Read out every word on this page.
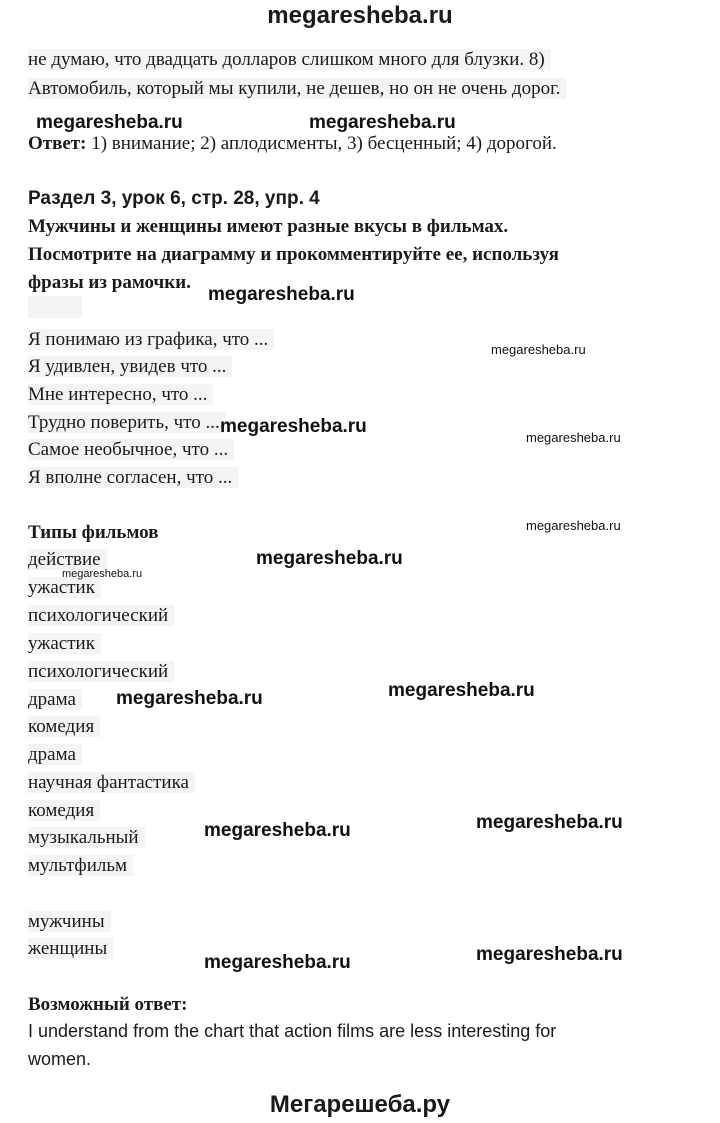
megaresheba.ru
не думаю, что двадцать долларов слишком много для блузки. 8)
Автомобиль, который мы купили, не дешев, но он не очень дорог.
Ответ: 1) внимание; 2) аплодисменты, 3) бесценный; 4) дорогой.
Раздел 3, урок 6, стр. 28, упр. 4
Мужчины и женщины имеют разные вкусы в фильмах.
Посмотрите на диаграмму и прокомментируйте ее, используя
фразы из рамочки.
Я понимаю из графика, что ...
Я удивлен, увидев что ...
Мне интересно, что ...
Трудно поверить, что ...
Самое необычное, что ...
Я вполне согласен, что ...
Типы фильмов
действие
ужастик
психологический
ужастик
психологический
драма
комедия
драма
научная фантастика
комедия
музыкальный
мультфильм
мужчины
женщины
Возможный ответ:
I understand from the chart that action films are less interesting for
women.
megaresheba.ru	megaresheba.ru
megaresheba.ru
megaresheba.ru
megaresheba.ru
megaresheba.ru
megaresheba.ru
megaresheba.ru
megaresheba.ru
megaresheba.ru
megaresheba.ru
megaresheba.ru
megaresheba.ru
megaresheba.ru
megaresheba.ru
Мегарешеба.ру
